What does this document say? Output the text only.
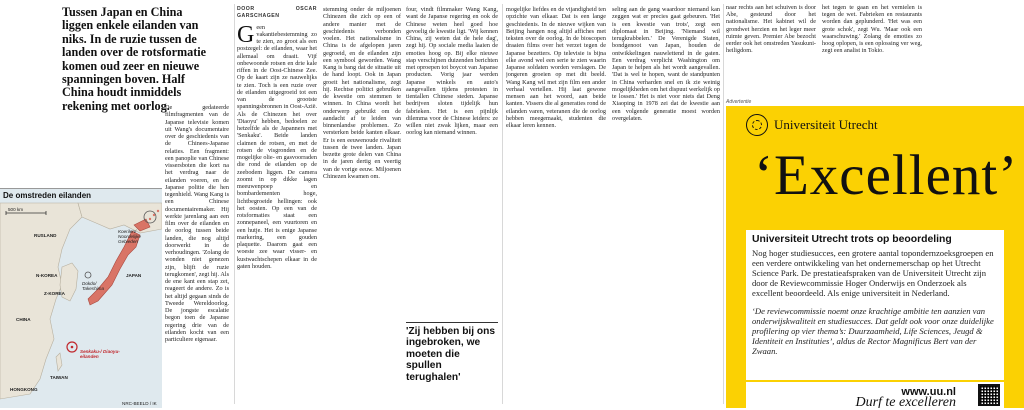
Tussen Japan en China liggen enkele eilanden van niks. In de ruzie tussen de landen over de rotsformatie komen oud zeer en nieuwe spanningen boven. Half China houdt inmiddels rekening met oorlog.
De omstreden eilanden
500 km
RUSLAND
Koerilen/ Noordelijke Gebieden
N-KOREA
Z-KOREA
Dokdo/ Takeshima
JAPAN
CHINA
Senkaku-/ Diaoyu-eilanden
TAIWAN
HONGKONG
NRC-BEELD / IK
De gedateerde filmfragmenten van de Japanse televisie komen uit Wang's documentaire over de geschiedenis van de Chinees-Japanse relaties. Een fragment: een panoplie van Chinese vissersboten die kort na het verdrag naar de eilanden voeren, en de Japanse politie die hen tegenhield. Wang Kang is een Chinese documentairemaker. Hij werkte jarenlang aan een film over de eilanden en de oorlog tussen beide landen, die nog altijd doorwerkt in de verhoudingen. 'Zolang de wonden niet genezen zijn, blijft de ruzie terugkomen', zegt hij. Als de ene kant een stap zet, reageert de andere. Zo is het altijd gegaan sinds de Tweede Wereldoorlog. De jongste escalatie begon toen de Japanse regering drie van de eilanden kocht van een particuliere eigenaar.
DOOR OSCAR GARSCHAGEN
G een vakantiebestemming zo te zien, zo groot als een postzegel: de eilanden, waar het allemaal om draait. Vijf onbewoonde rotsen en drie kale riffen in de Oost-Chinese Zee. Op de kaart zijn ze nauwelijks te zien. Toch is een ruzie over de eilanden uitgegroeid tot een van de grootste spanningsbronnen in Oost-Azië. Als de Chinezen het over 'Diaoyu' hebben, bedoelen ze hetzelfde als de Japanners met 'Senkaku'. Beide landen claimen de rotsen, en met de rotsen de visgronden en de mogelijke olie- en gasvoorraden die rond de eilanden op de zeebodem liggen. De camera zoomt in op dikke lagen meeuwenpoep en bombardementen hoge, lichtbegroeide hellingen: ook het oosten. Op een van de rotsformaties staat een zonnepaneel, een vuurtoren en een hutje. Het is enige Japanse markering, een gouden plaquette. Daarom gaat een woeste zee waar visser- en kustwachtschepen elkaar in de gaten houden.
stemming onder de miljoenen Chinezen die zich op een of andere manier met de geschiedenis verbonden voelen. Het nationalisme in China is de afgelopen jaren gegroeid, en de eilanden zijn een symbool geworden. Wang Kang is bang dat de situatie uit de hand loopt. Ook in Japan groeit het nationalisme, zegt hij. Rechtse politici gebruiken de kwestie om stemmen te winnen. In China wordt het onderwerp gebruikt om de aandacht af te leiden van binnenlandse problemen. Zo versterken beide kanten elkaar. Er is een eeuwenoude rivaliteit tussen de twee landen. Japan bezette grote delen van China in de jaren dertig en veertig van de vorige eeuw. Miljoenen Chinezen kwamen om.
four, vindt filmmaker Wang Kang, want de Japanse regering en ook de Chinese weten heel goed hoe gevoelig de kwestie ligt. 'Wij kennen China, zij weten dat de hele dag', zegt hij. Op sociale media laaien de emoties hoog op. Bij elke nieuwe stap verschijnen duizenden berichten met oproepen tot boycot van Japanse producten. Vorig jaar werden Japanse winkels en auto's aangevallen tijdens protesten in tientallen Chinese steden. Japanse bedrijven sloten tijdelijk hun fabrieken. Het is een pijnlijk dilemma voor de Chinese leiders: ze willen niet zwak lijken, maar een oorlog kan niemand winnen.
'Zij hebben bij ons ingebroken, we moeten die spullen terughalen'
mogelijke liefdes en de vijandigheid ten opzichte van elkaar. Dat is een lange geschiedenis. In de nieuwe wijken van Beijing hangen nog altijd affiches met teksten over de oorlog. In de bioscopen draaien films over het verzet tegen de Japanse bezetters. Op televisie is bijna elke avond wel een serie te zien waarin Japanse soldaten worden verslagen. De jongeren groeien op met dit beeld. Wang Kang wil met zijn film een ander verhaal vertellen. Hij laat gewone mensen aan het woord, aan beide kanten. Vissers die al generaties rond de eilanden varen, veteranen die de oorlog hebben meegemaakt, studenten die elkaar leren kennen.
seling aan de gang waardoor niemand kan zeggen wat er precies gaat gebeuren. 'Het is een kwestie van trots', zegt een diplomaat in Beijing. 'Niemand wil terugkrabbelen.' De Verenigde Staten, bondgenoot van Japan, houden de ontwikkelingen nauwlettend in de gaten. Een verdrag verplicht Washington om Japan te helpen als het wordt aangevallen. 'Dat is wel te hopen, want de standpunten in China verharden snel en ik zie weinig mogelijkheden om het dispuut werkelijk op te lossen.' Het is niet voor niets dat Deng Xiaoping in 1978 zei dat de kwestie aan een volgende generatie moest worden overgelaten.
naar rechts aan het schuiven is door Abe, gesteund door het nationalisme. Het kabinet wil de grondwet herzien en het leger meer ruimte geven. Premier Abe bezocht eerder ook het omstreden Yasukuni-heiligdom.
het tegen te gaan en het vernielen is tegen de wet. Fabrieken en restaurants worden dan geplunderd. 'Het was een grote schok', zegt Wu. 'Maar ook een waarschuwing.' Zolang de emoties zo hoog oplopen, is een oplossing ver weg, zegt een analist in Tokio.
Advertentie
Universiteit Utrecht
‘Excellent’
Universiteit Utrecht trots op beoordeling
Nog hoger studiesucces, een grotere aantal topondernzoeksgroepen en een verdere ontwikkeling van het ondernemerschap op het Utrecht Science Park. De prestatieafspraken van de Universiteit Utrecht zijn door de Reviewcommissie Hoger Onderwijs en Onderzoek als excellent beoordeeld. Als enige universiteit in Nederland.
‘De reviewcommissie noemt onze krachtige ambitie ten aanzien van onderwijskwaliteit en studiesucces. Dat geldt ook voor onze duidelijke profilering op vier thema’s: Duurzaamheid, Life Sciences, Jeugd & Identiteit en Instituties’, aldus de Rector Magnificus Bert van der Zwaan.
www.uu.nl
Durf te excelleren
